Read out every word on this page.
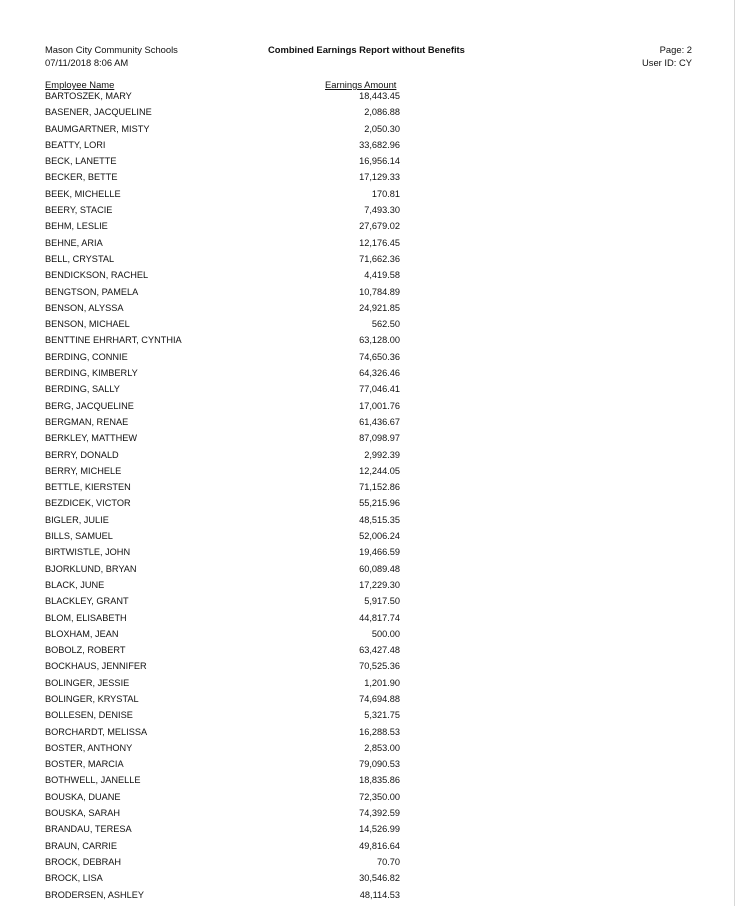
Mason City Community Schools
07/11/2018 8:06 AM
Combined Earnings Report without Benefits	Page: 2
User ID: CY
Employee Name	Earnings Amount
BARTOSZEK, MARY	18,443.45
BASENER, JACQUELINE	2,086.88
BAUMGARTNER, MISTY	2,050.30
BEATTY, LORI	33,682.96
BECK, LANETTE	16,956.14
BECKER, BETTE	17,129.33
BEEK, MICHELLE	170.81
BEERY, STACIE	7,493.30
BEHM, LESLIE	27,679.02
BEHNE, ARIA	12,176.45
BELL, CRYSTAL	71,662.36
BENDICKSON, RACHEL	4,419.58
BENGTSON, PAMELA	10,784.89
BENSON, ALYSSA	24,921.85
BENSON, MICHAEL	562.50
BENTTINE EHRHART, CYNTHIA	63,128.00
BERDING, CONNIE	74,650.36
BERDING, KIMBERLY	64,326.46
BERDING, SALLY	77,046.41
BERG, JACQUELINE	17,001.76
BERGMAN, RENAE	61,436.67
BERKLEY, MATTHEW	87,098.97
BERRY, DONALD	2,992.39
BERRY, MICHELE	12,244.05
BETTLE, KIERSTEN	71,152.86
BEZDICEK, VICTOR	55,215.96
BIGLER, JULIE	48,515.35
BILLS, SAMUEL	52,006.24
BIRTWISTLE, JOHN	19,466.59
BJORKLUND, BRYAN	60,089.48
BLACK, JUNE	17,229.30
BLACKLEY, GRANT	5,917.50
BLOM, ELISABETH	44,817.74
BLOXHAM, JEAN	500.00
BOBOLZ, ROBERT	63,427.48
BOCKHAUS, JENNIFER	70,525.36
BOLINGER, JESSIE	1,201.90
BOLINGER, KRYSTAL	74,694.88
BOLLESEN, DENISE	5,321.75
BORCHARDT, MELISSA	16,288.53
BOSTER, ANTHONY	2,853.00
BOSTER, MARCIA	79,090.53
BOTHWELL, JANELLE	18,835.86
BOUSKA, DUANE	72,350.00
BOUSKA, SARAH	74,392.59
BRANDAU, TERESA	14,526.99
BRAUN, CARRIE	49,816.64
BROCK, DEBRAH	70.70
BROCK, LISA	30,546.82
BRODERSEN, ASHLEY	48,114.53
